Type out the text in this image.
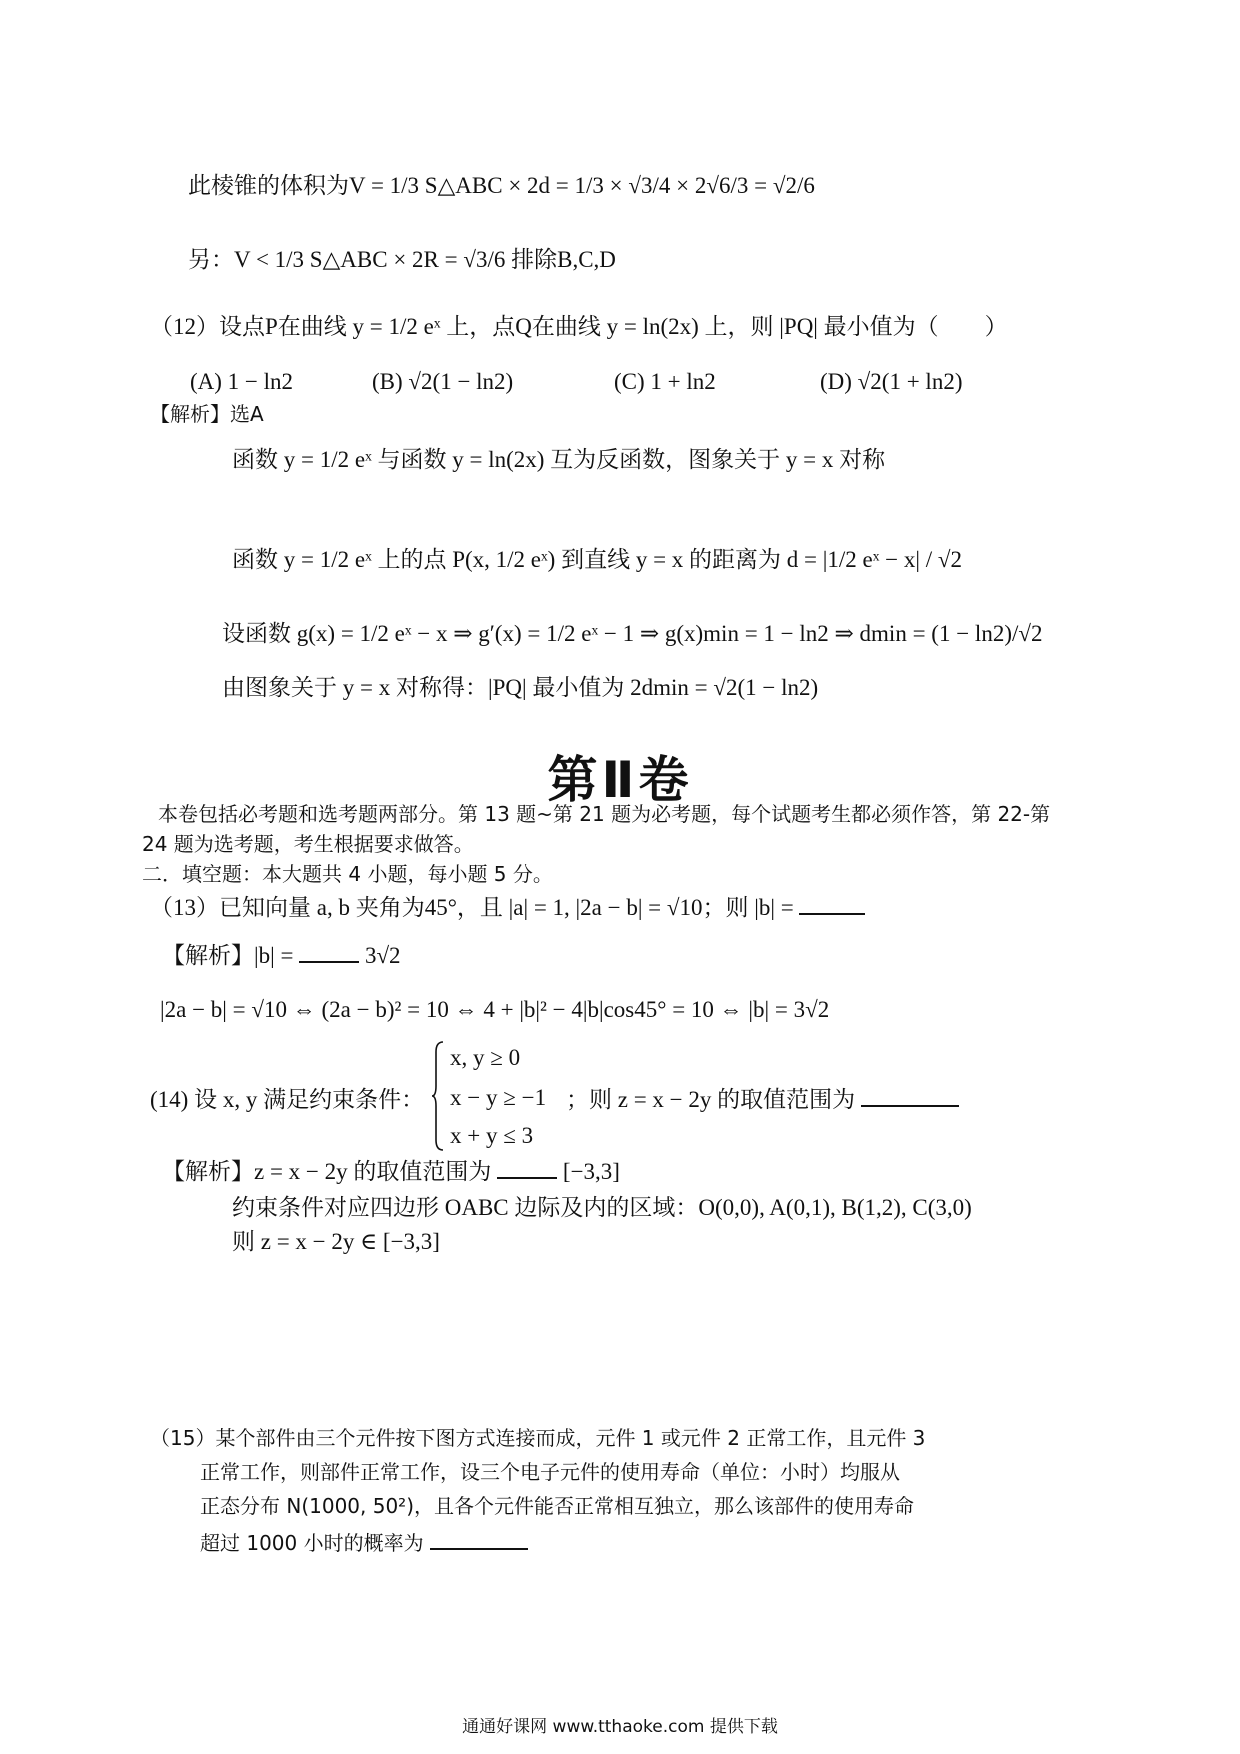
此棱锥的体积为V = 1/3 S△ABC × 2d = 1/3 × √3/4 × 2√6/3 = √2/6
另：V < 1/3 S△ABC × 2R = √3/6 排除B,C,D
（12）设点P在曲线 y = 1/2 eˣ 上，点Q在曲线 y = ln(2x) 上，则 |PQ| 最小值为（　　）
(A) 1 − ln2	(B) √2(1 − ln2)	(C) 1 + ln2	(D) √2(1 + ln2)
【解析】选A
函数 y = 1/2 eˣ 与函数 y = ln(2x) 互为反函数，图象关于 y = x 对称
函数 y = 1/2 eˣ 上的点 P(x, 1/2 eˣ) 到直线 y = x 的距离为 d = |1/2 eˣ − x| / √2
设函数 g(x) = 1/2 eˣ − x ⇒ g′(x) = 1/2 eˣ − 1 ⇒ g(x)min = 1 − ln2 ⇒ dmin = (1 − ln2)/√2
由图象关于 y = x 对称得：|PQ| 最小值为 2dmin = √2(1 − ln2)
第Ⅱ卷
本卷包括必考题和选考题两部分。第 13 题~第 21 题为必考题，每个试题考生都必须作答，第 22-第
24 题为选考题，考生根据要求做答。
二．填空题：本大题共 4 小题，每小题 5 分。
（13）已知向量 a, b 夹角为45°，且 |a| = 1, |2a − b| = √10；则 |b| =
【解析】|b| =	3√2
|2a − b| = √10 ⇔ (2a − b)² = 10 ⇔ 4 + |b|² − 4|b|cos45° = 10 ⇔ |b| = 3√2
(14) 设 x, y 满足约束条件：
x, y ≥ 0
x − y ≥ −1
x + y ≤ 3
；则 z = x − 2y 的取值范围为
【解析】z = x − 2y 的取值范围为	[−3,3]
约束条件对应四边形 OABC 边际及内的区域：O(0,0), A(0,1), B(1,2), C(3,0)
则 z = x − 2y ∈ [−3,3]
（15）某个部件由三个元件按下图方式连接而成，元件 1 或元件 2 正常工作，且元件 3
正常工作，则部件正常工作，设三个电子元件的使用寿命（单位：小时）均服从
正态分布 N(1000, 50²)，且各个元件能否正常相互独立，那么该部件的使用寿命
超过 1000 小时的概率为
通通好课网 www.tthaoke.com 提供下载
